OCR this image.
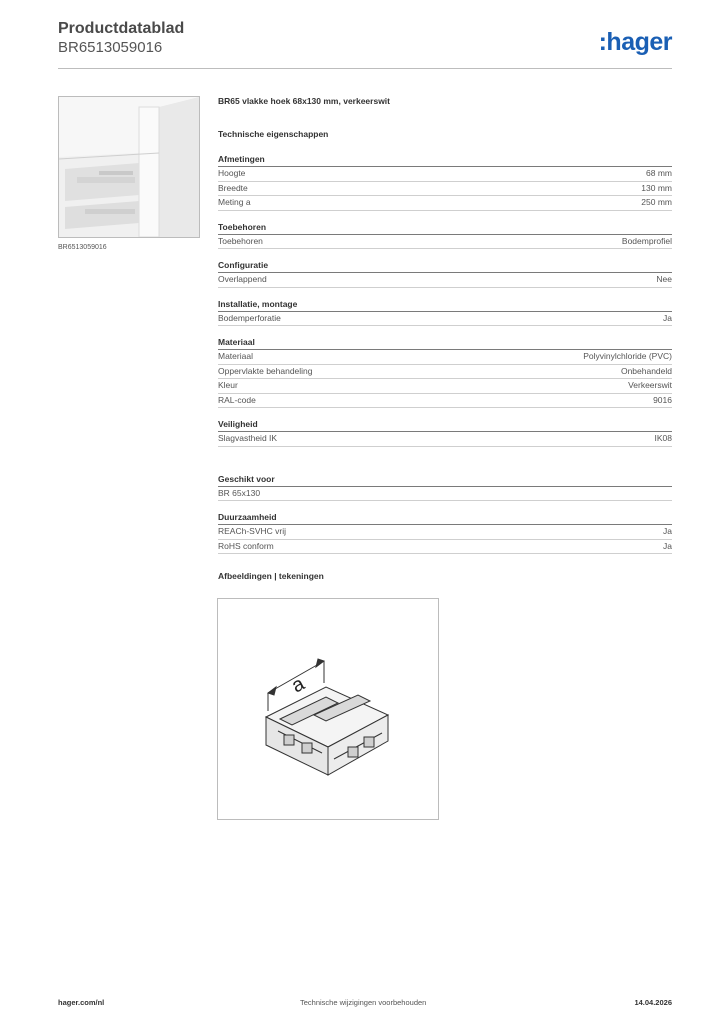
Productdatablad
BR6513059016	:hager
BR6513059016
BR65 vlakke hoek 68x130 mm, verkeerswit
Technische eigenschappen
Afmetingen
Hoogte	68 mm
Breedte	130 mm
Meting a	250 mm
Toebehoren
Toebehoren	Bodemprofiel
Configuratie
Overlappend	Nee
Installatie, montage
Bodemperforatie	Ja
Materiaal
Materiaal	Polyvinylchloride (PVC)
Oppervlakte behandeling	Onbehandeld
Kleur	Verkeerswit
RAL-code	9016
Veiligheid
Slagvastheid IK	IK08
Geschikt voor
BR 65x130
Duurzaamheid
REACh-SVHC vrij	Ja
RoHS conform	Ja
Afbeeldingen | tekeningen
a
hager.com/nl	Technische wijzigingen voorbehouden	14.04.2026
